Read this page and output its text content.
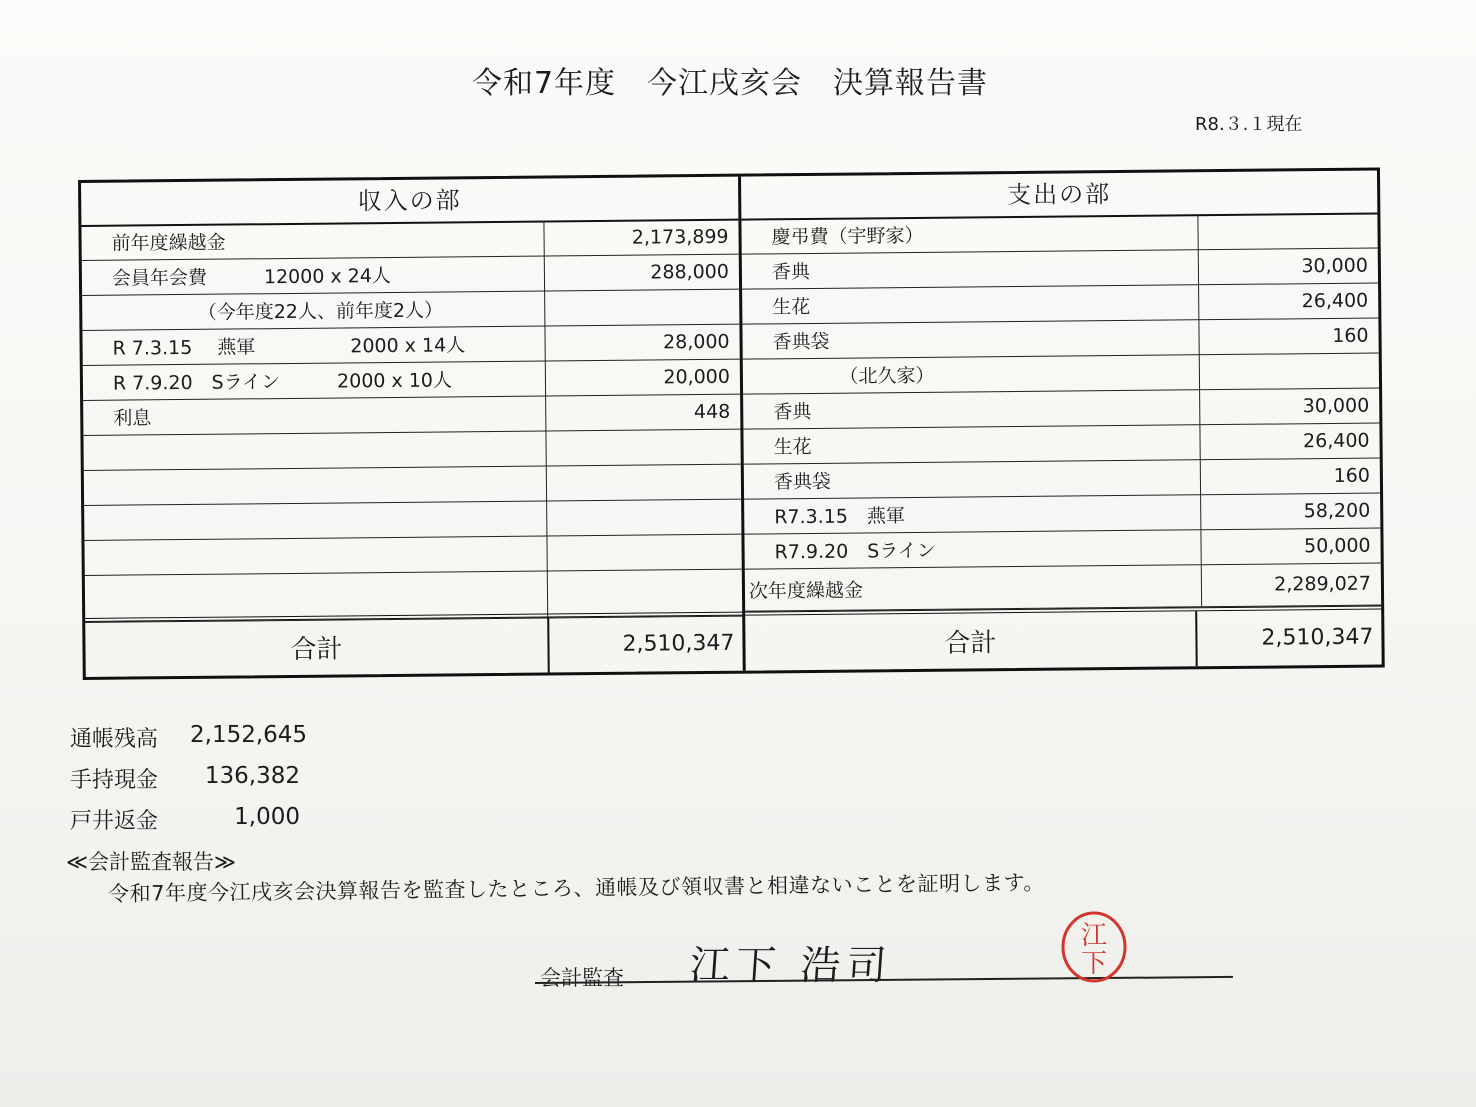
令和7年度　今江戌亥会　決算報告書
R8.３.１現在
収入の部
前年度繰越金	2,173,899
会員年会費　　　12000 x 24人	288,000
　　　　　（今年度22人、前年度2人）
R 7.3.15　 燕軍　　　　　2000 x 14人	28,000
R 7.9.20　Sライン　　　2000 x 10人	20,000
利息	448
合計	2,510,347
支出の部
慶弔費（宇野家）
香典	30,000
生花	26,400
香典袋	160
　　　　（北久家）
香典	30,000
生花	26,400
香典袋	160
R7.3.15　燕軍	58,200
R7.9.20　Sライン	50,000
次年度繰越金	2,289,027
合計	2,510,347
通帳残高 2,152,645
手持現金	136,382
戸井返金	1,000
≪会計監査報告≫
令和7年度今江戌亥会決算報告を監査したところ、通帳及び領収書と相違ないことを証明します。
会計監査 江下 浩司
江
下
